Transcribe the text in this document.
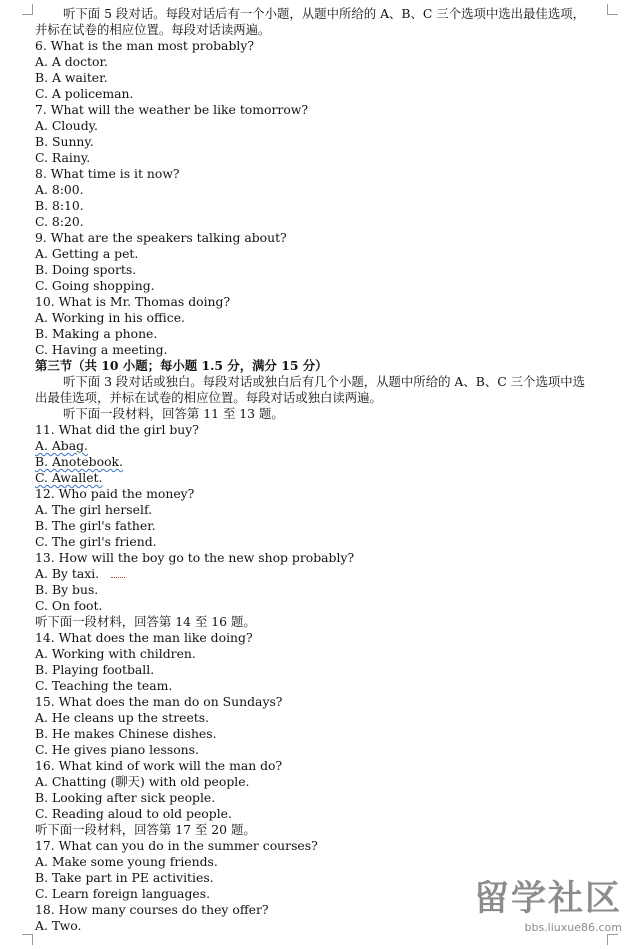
听下面 5 段对话。每段对话后有一个小题，从题中所给的 A、B、C 三个选项中选出最佳选项，并标在试卷的相应位置。每段对话读两遍。
6. What is the man most probably?
A. A doctor.
B. A waiter.
C. A policeman.
7. What will the weather be like tomorrow?
A. Cloudy.
B. Sunny.
C. Rainy.
8. What time is it now?
A. 8:00.
B. 8:10.
C. 8:20.
9. What are the speakers talking about?
A. Getting a pet.
B. Doing sports.
C. Going shopping.
10. What is Mr. Thomas doing?
A. Working in his office.
B. Making a phone.
C. Having a meeting.
第三节（共 10 小题；每小题 1.5 分，满分 15 分）
听下面 3 段对话或独白。每段对话或独白后有几个小题，从题中所给的 A、B、C 三个选项中选出最佳选项，并标在试卷的相应位置。每段对话或独白读两遍。
听下面一段材料，回答第 11 至 13 题。
11. What did the girl buy?
A. Abag.
B. Anotebook.
C. Awallet.
12. Who paid the money?
A. The girl herself.
B. The girl's father.
C. The girl's friend.
13. How will the boy go to the new shop probably?
A. By taxi.
B. By bus.
C. On foot.
听下面一段材料，回答第 14 至 16 题。
14. What does the man like doing?
A. Working with children.
B. Playing football.
C. Teaching the team.
15. What does the man do on Sundays?
A. He cleans up the streets.
B. He makes Chinese dishes.
C. He gives piano lessons.
16. What kind of work will the man do?
A. Chatting (聊天) with old people.
B. Looking after sick people.
C. Reading aloud to old people.
听下面一段材料，回答第 17 至 20 题。
17. What can you do in the summer courses?
A. Make some young friends.
B. Take part in PE activities.
C. Learn foreign languages.
18. How many courses do they offer?
A. Two.
留学社区
bbs.liuxue86.com
